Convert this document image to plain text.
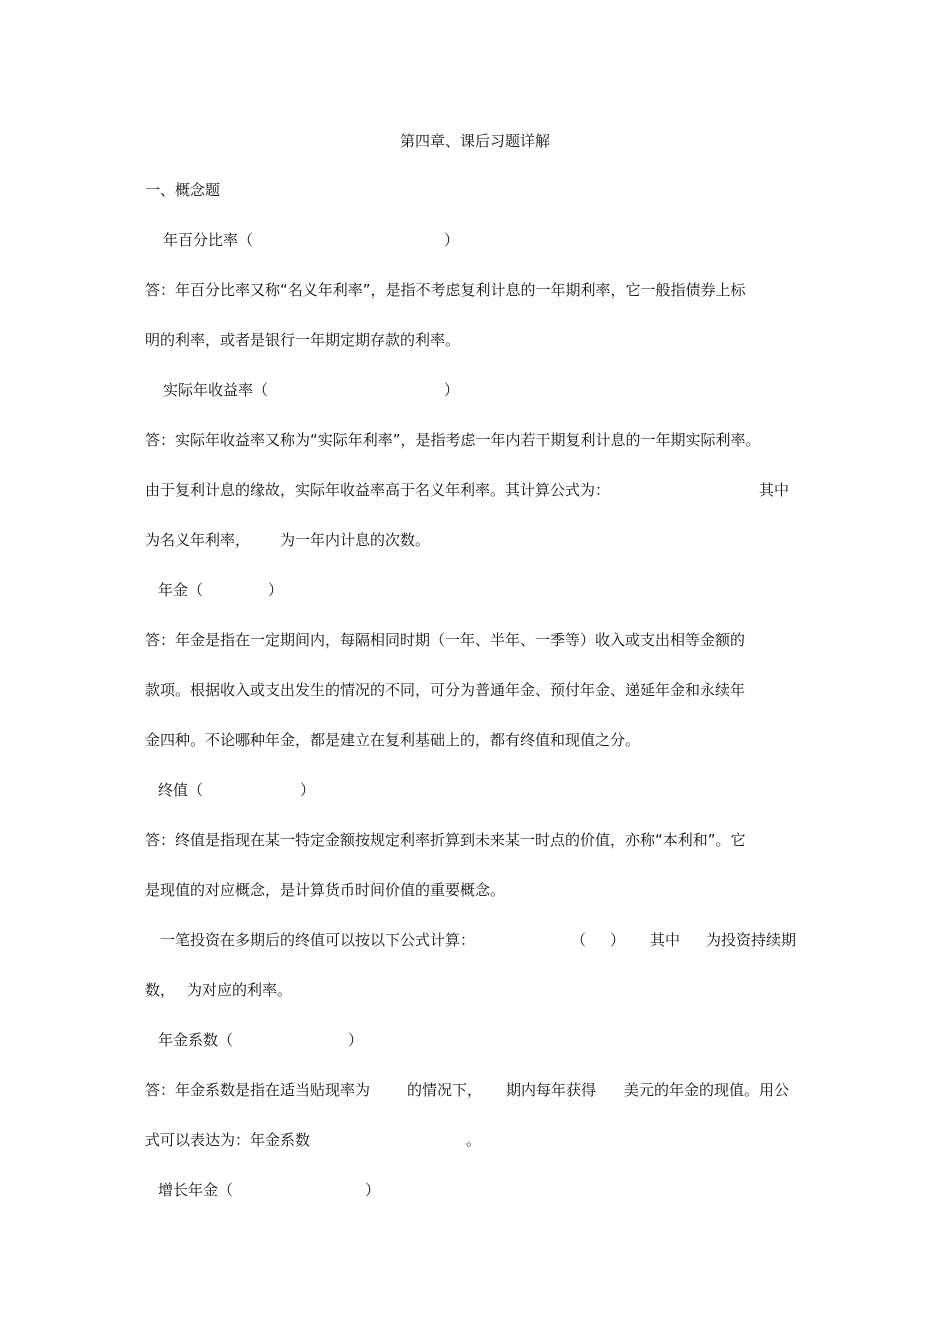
第四章、课后习题详解
一、概念题
年百分比率（	）
答：年百分比率又称“名义年利率”，是指不考虑复利计息的一年期利率，它一般指债券上标
明的利率，或者是银行一年期定期存款的利率。
实际年收益率（	）
答：实际年收益率又称为“实际年利率”，是指考虑一年内若干期复利计息的一年期实际利率。
由于复利计息的缘故，实际年收益率高于名义年利率。其计算公式为：	其中
为名义年利率， 为一年内计息的次数。
年金（	）
答：年金是指在一定期间内，每隔相同时期（一年、半年、一季等）收入或支出相等金额的
款项。根据收入或支出发生的情况的不同，可分为普通年金、预付年金、递延年金和永续年
金四种。不论哪种年金，都是建立在复利基础上的，都有终值和现值之分。
终值（	）
答：终值是指现在某一特定金额按规定利率折算到未来某一时点的价值，亦称“本利和”。它
是现值的对应概念，是计算货币时间价值的重要概念。
一笔投资在多期后的终值可以按以下公式计算：	（ ） 其中 为投资持续期
数， 为对应的利率。
年金系数（	）
答：年金系数是指在适当贴现率为 的情况下， 期内每年获得 美元的年金的现值。用公
式可以表达为：年金系数	。
增长年金（	）
